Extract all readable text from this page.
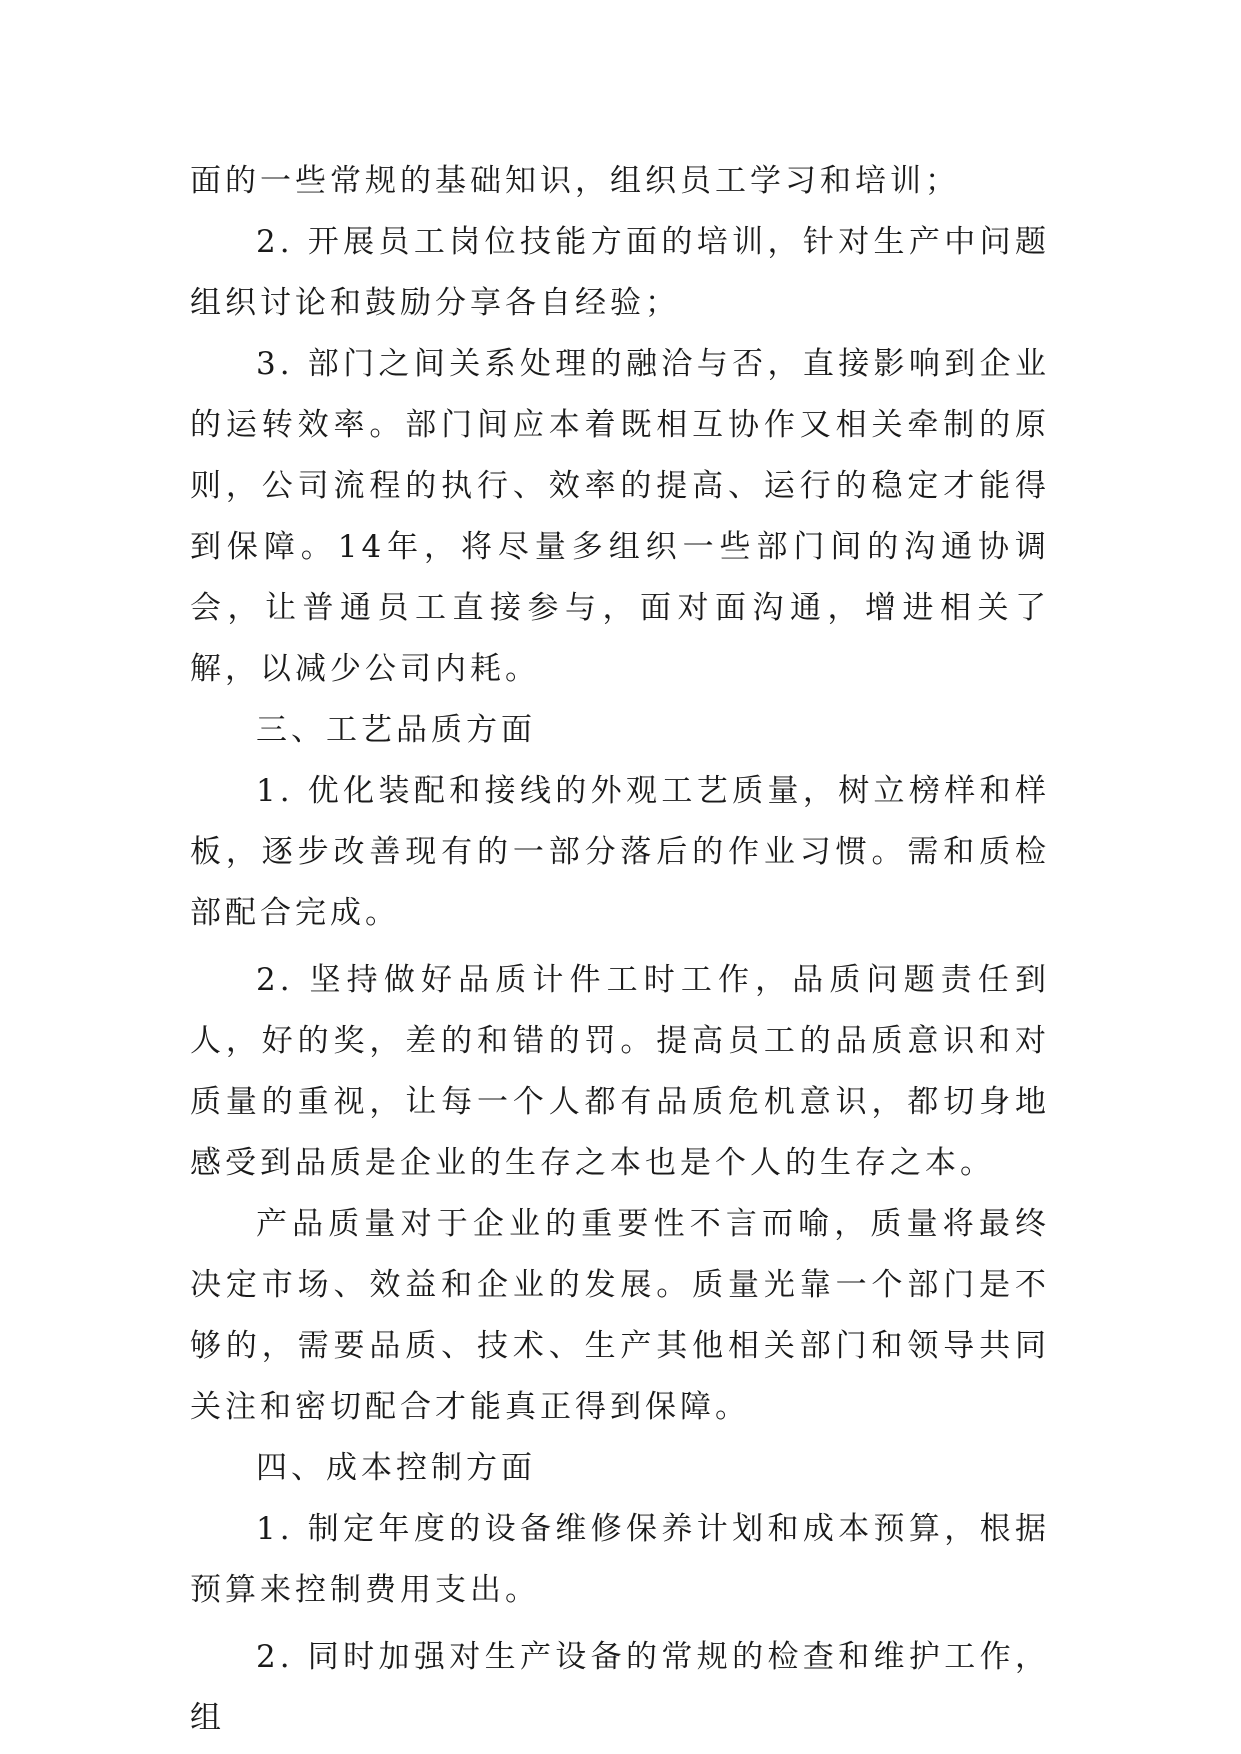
面的一些常规的基础知识，组织员工学习和培训；

2. 开展员工岗位技能方面的培训，针对生产中问题组织讨论和鼓励分享各自经验；

3. 部门之间关系处理的融洽与否，直接影响到企业的运转效率。部门间应本着既相互协作又相关牵制的原则，公司流程的执行、效率的提高、运行的稳定才能得到保障。14年，将尽量多组织一些部门间的沟通协调会，让普通员工直接参与，面对面沟通，增进相关了解，以减少公司内耗。

三、工艺品质方面

1. 优化装配和接线的外观工艺质量，树立榜样和样板，逐步改善现有的一部分落后的作业习惯。需和质检部配合完成。

2. 坚持做好品质计件工时工作，品质问题责任到人，好的奖，差的和错的罚。提高员工的品质意识和对质量的重视，让每一个人都有品质危机意识，都切身地感受到品质是企业的生存之本也是个人的生存之本。

产品质量对于企业的重要性不言而喻，质量将最终决定市场、效益和企业的发展。质量光靠一个部门是不够的，需要品质、技术、生产其他相关部门和领导共同关注和密切配合才能真正得到保障。

四、成本控制方面

1. 制定年度的设备维修保养计划和成本预算，根据预算来控制费用支出。

2. 同时加强对生产设备的常规的检查和维护工作，组
